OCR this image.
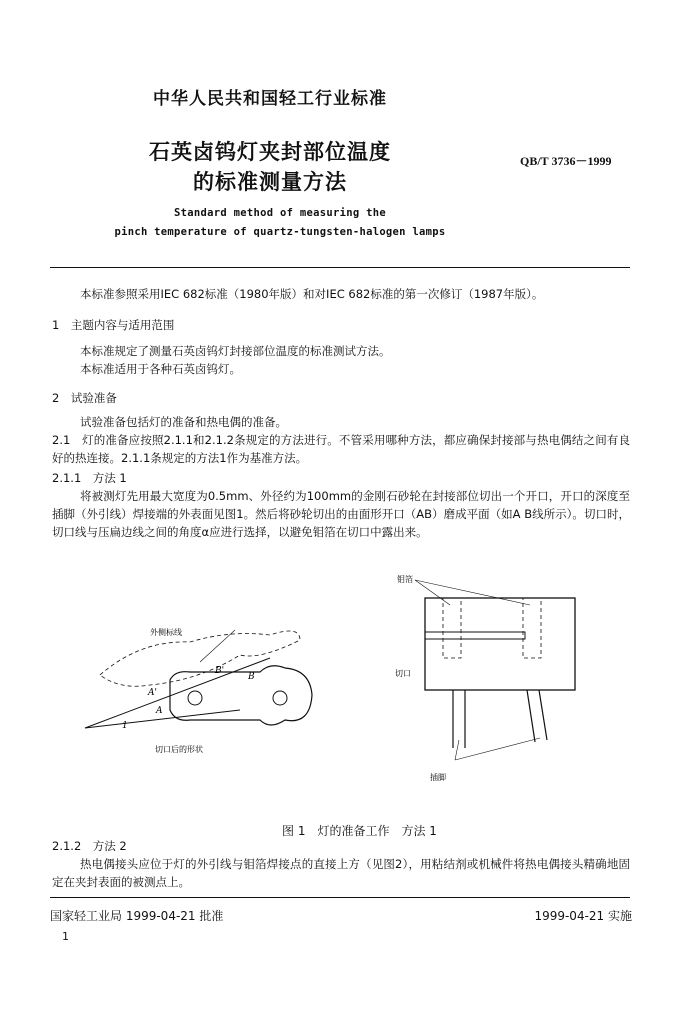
中华人民共和国轻工行业标准
石英卤钨灯夹封部位温度
的标准测量方法
QB/T 3736－1999
Standard method of measuring the
pinch temperature of quartz-tungsten-halogen lamps
本标准参照采用IEC 682标准（1980年版）和对IEC 682标准的第一次修订（1987年版）。
1　主题内容与适用范围
本标准规定了测量石英卤钨灯封接部位温度的标准测试方法。
本标准适用于各种石英卤钨灯。
2　试验准备
试验准备包括灯的准备和热电偶的准备。
2.1　灯的准备应按照2.1.1和2.1.2条规定的方法进行。不管采用哪种方法，都应确保封接部与热电偶结之间有良好的热连接。2.1.1条规定的方法1作为基准方法。
2.1.1　方法 1
将被测灯先用最大宽度为0.5mm、外径约为100mm的金刚石砂轮在封接部位切出一个开口，开口的深度至插脚（外引线）焊接端的外表面见图1。然后将砂轮切出的由面形开口（AB）磨成平面（如A B线所示）。切口时，切口线与压扁边线之间的角度α应进行选择，以避免钼箔在切口中露出来。
外侧标线
A'
A
B'
B
1
切口后的形状
钼箔
切口
插脚
图 1　灯的准备工作　方法 1
2.1.2　方法 2
热电偶接头应位于灯的外引线与钼箔焊接点的直接上方（见图2），用粘结剂或机械件将热电偶接头精确地固定在夹封表面的被测点上。
国家轻工业局 1999-04-21 批准	1999-04-21 实施
1
